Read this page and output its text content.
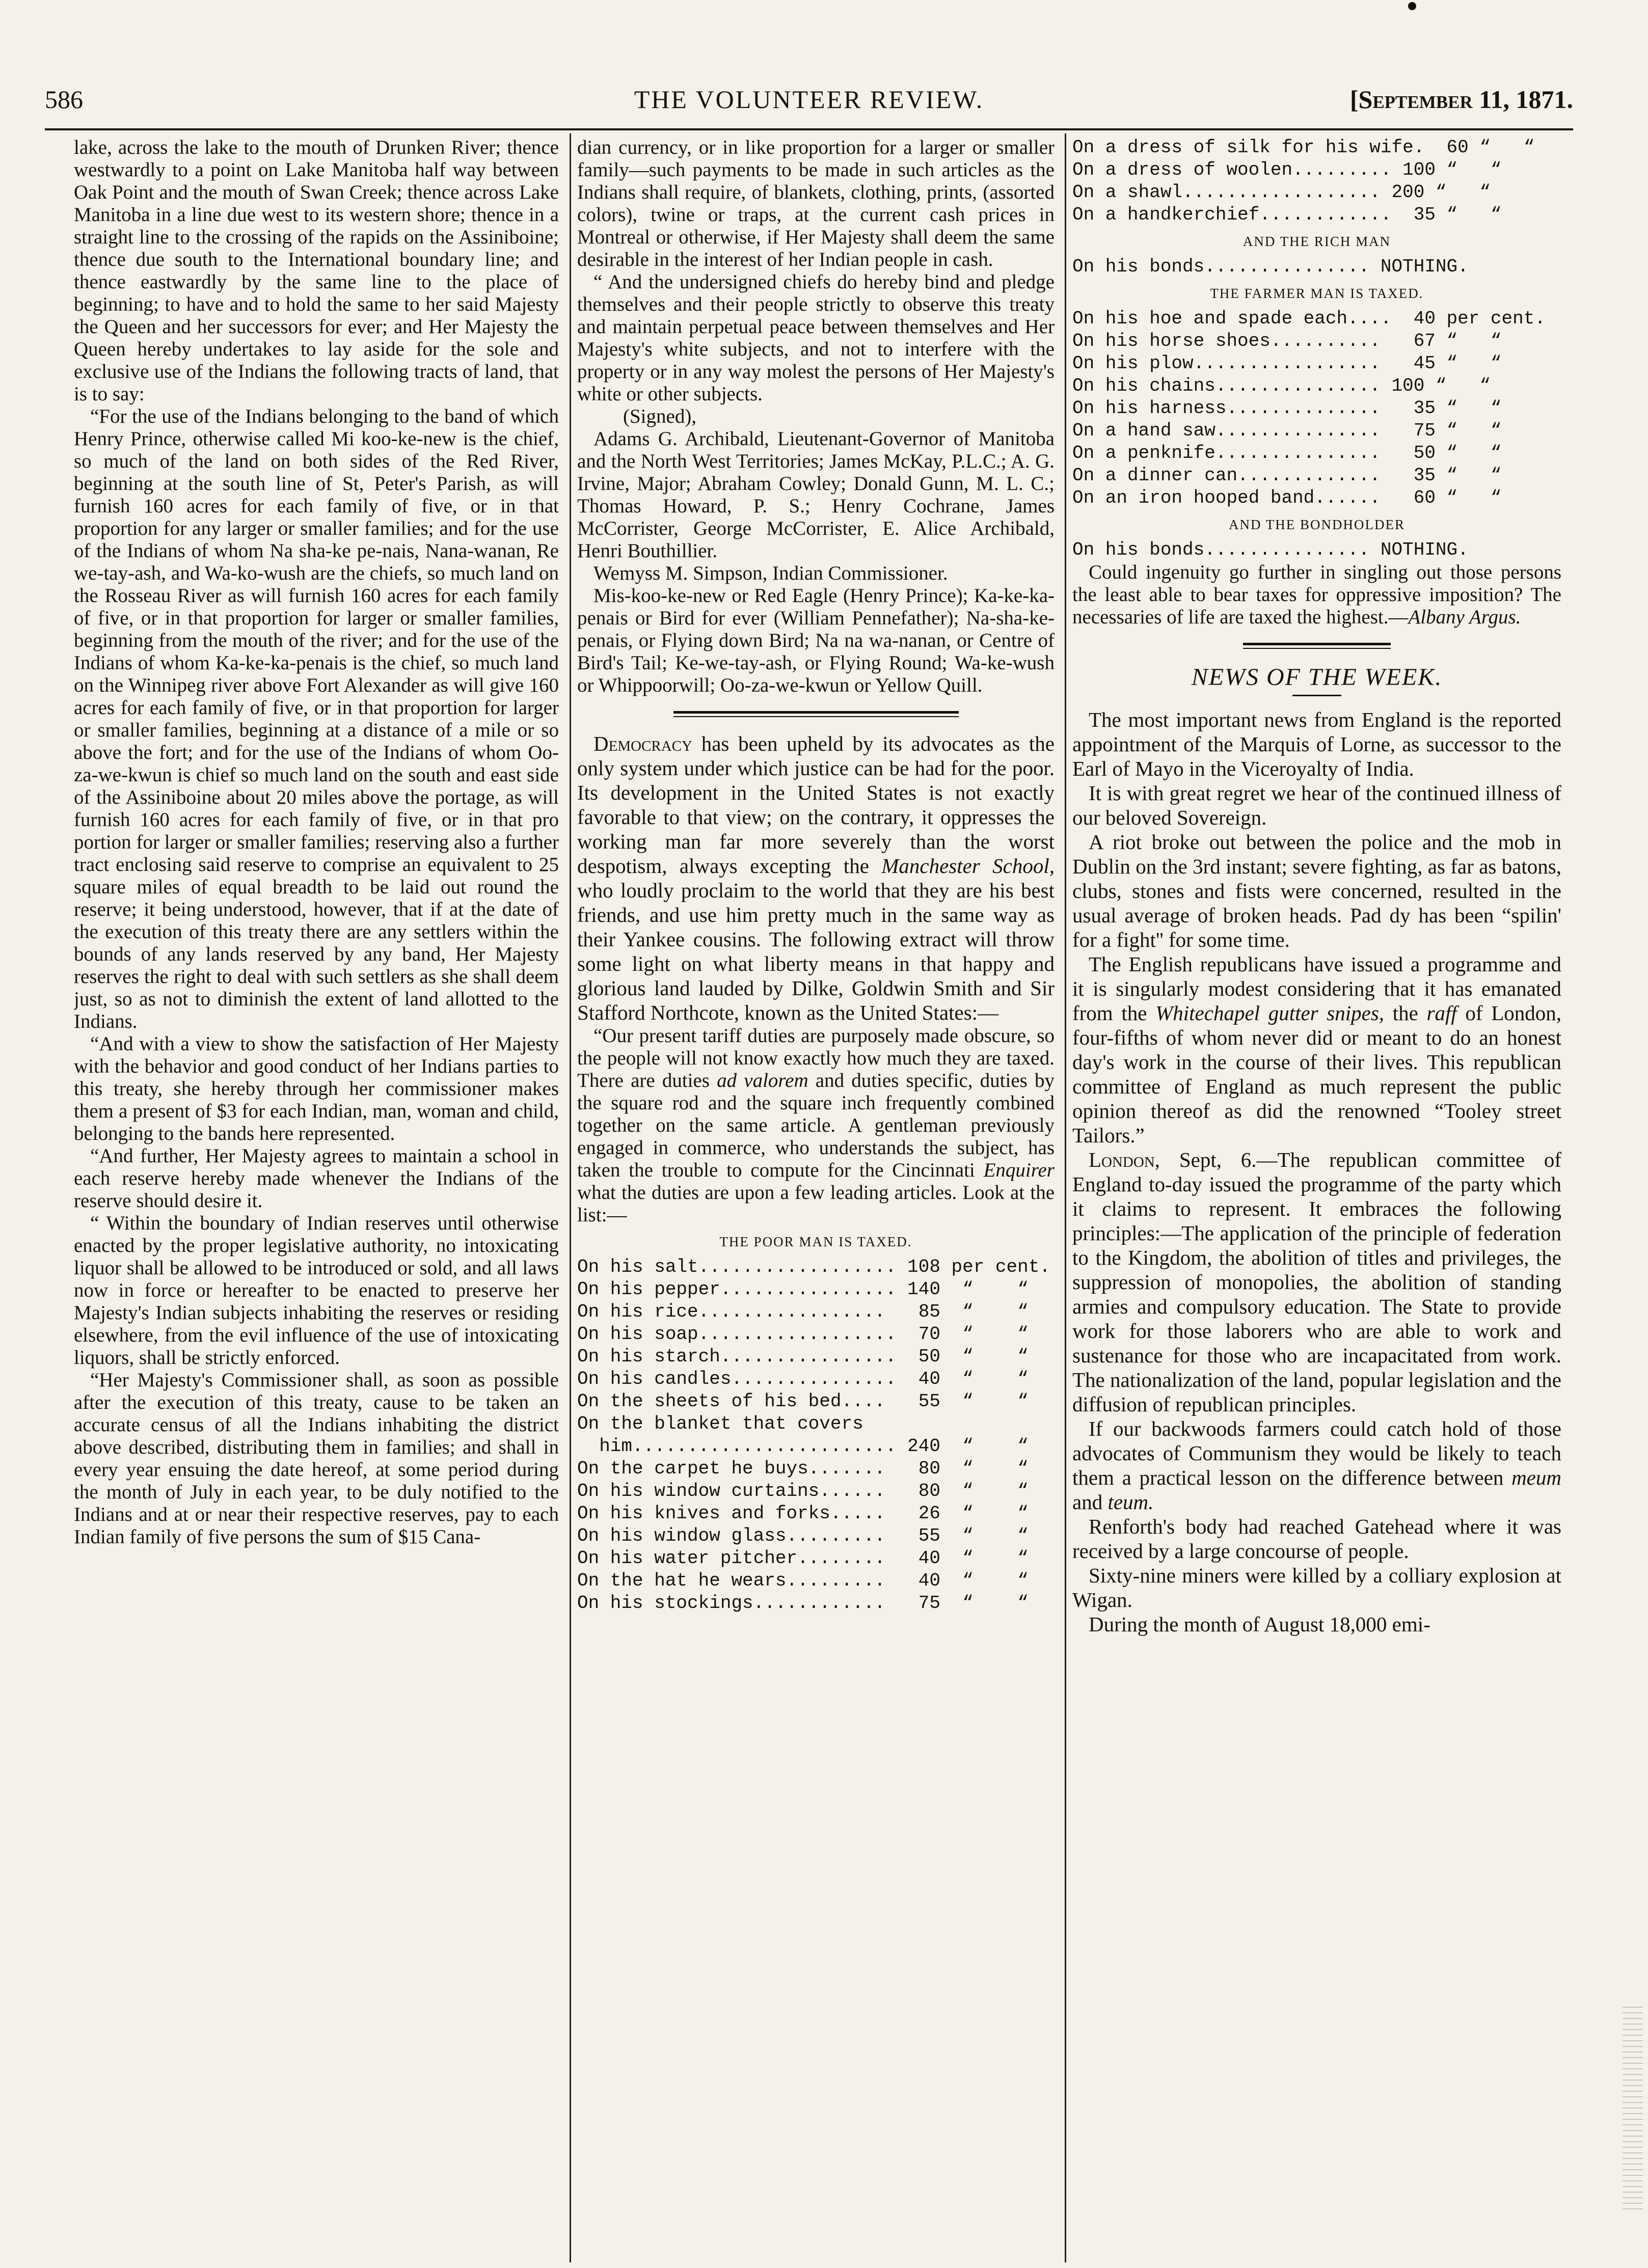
586	THE VOLUNTEER REVIEW.	[September 11, 1871.

lake, across the lake to the mouth of Drunken River; thence westwardly to a point on Lake Manitoba half way between Oak Point and the mouth of Swan Creek; thence across Lake Manitoba in a line due west to its western shore; thence in a straight line to the crossing of the rapids on the Assiniboine; thence due south to the International boundary line; and thence eastwardly by the same line to the place of beginning; to have and to hold the same to her said Majesty the Queen and her successors for ever; and Her Majesty the Queen hereby undertakes to lay aside for the sole and exclusive use of the Indians the following tracts of land, that is to say:

“For the use of the Indians belonging to the band of which Henry Prince, otherwise called Mi koo-ke-new is the chief, so much of the land on both sides of the Red River, beginning at the south line of St, Peter's Parish, as will furnish 160 acres for each family of five, or in that proportion for any larger or smaller families; and for the use of the Indians of whom Na sha-ke pe-nais, Nana-wanan, Re we-tay-ash, and Wa-ko-wush are the chiefs, so much land on the Rosseau River as will furnish 160 acres for each family of five, or in that proportion for larger or smaller families, beginning from the mouth of the river; and for the use of the Indians of whom Ka-ke-ka-penais is the chief, so much land on the Winnipeg river above Fort Alexander as will give 160 acres for each family of five, or in that proportion for larger or smaller families, beginning at a distance of a mile or so above the fort; and for the use of the Indians of whom Oo-za-we-kwun is chief so much land on the south and east side of the Assiniboine about 20 miles above the portage, as will furnish 160 acres for each family of five, or in that pro portion for larger or smaller families; reserving also a further tract enclosing said reserve to comprise an equivalent to 25 square miles of equal breadth to be laid out round the reserve; it being understood, however, that if at the date of the execution of this treaty there are any settlers within the bounds of any lands reserved by any band, Her Majesty reserves the right to deal with such settlers as she shall deem just, so as not to diminish the extent of land allotted to the Indians.

“And with a view to show the satisfaction of Her Majesty with the behavior and good conduct of her Indians parties to this treaty, she hereby through her commissioner makes them a present of $3 for each Indian, man, woman and child, belonging to the bands here represented.

“And further, Her Majesty agrees to maintain a school in each reserve hereby made whenever the Indians of the reserve should desire it.

“ Within the boundary of Indian reserves until otherwise enacted by the proper legislative authority, no intoxicating liquor shall be allowed to be introduced or sold, and all laws now in force or hereafter to be enacted to preserve her Majesty's Indian subjects inhabiting the reserves or residing elsewhere, from the evil influence of the use of intoxicating liquors, shall be strictly enforced.

“Her Majesty's Commissioner shall, as soon as possible after the execution of this treaty, cause to be taken an accurate census of all the Indians inhabiting the district above described, distributing them in families; and shall in every year ensuing the date hereof, at some period during the month of July in each year, to be duly notified to the Indians and at or near their respective reserves, pay to each Indian family of five persons the sum of $15 Cana-

dian currency, or in like proportion for a larger or smaller family—such payments to be made in such articles as the Indians shall require, of blankets, clothing, prints, (assorted colors), twine or traps, at the current cash prices in Montreal or otherwise, if Her Majesty shall deem the same desirable in the interest of her Indian people in cash.

“ And the undersigned chiefs do hereby bind and pledge themselves and their people strictly to observe this treaty and maintain perpetual peace between themselves and Her Majesty's white subjects, and not to interfere with the property or in any way molest the persons of Her Majesty's white or other subjects.

(Signed),

Adams G. Archibald, Lieutenant-Governor of Manitoba and the North West Territories; James McKay, P.L.C.; A. G. Irvine, Major; Abraham Cowley; Donald Gunn, M. L. C.; Thomas Howard, P. S.; Henry Cochrane, James McCorrister, George McCorrister, E. Alice Archibald, Henri Bouthillier.

Wemyss M. Simpson, Indian Commissioner.

Mis-koo-ke-new or Red Eagle (Henry Prince); Ka-ke-ka-penais or Bird for ever (William Pennefather); Na-sha-ke-penais, or Flying down Bird; Na na wa-nanan, or Centre of Bird's Tail; Ke-we-tay-ash, or Flying Round; Wa-ke-wush or Whippoorwill; Oo-za-we-kwun or Yellow Quill.

Democracy has been upheld by its advocates as the only system under which justice can be had for the poor. Its development in the United States is not exactly favorable to that view; on the contrary, it oppresses the working man far more severely than the worst despotism, always excepting the Manchester School, who loudly proclaim to the world that they are his best friends, and use him pretty much in the same way as their Yankee cousins. The following extract will throw some light on what liberty means in that happy and glorious land lauded by Dilke, Goldwin Smith and Sir Stafford Northcote, known as the United States:—

“Our present tariff duties are purposely made obscure, so the people will not know exactly how much they are taxed. There are duties ad valorem and duties specific, duties by the square rod and the square inch frequently combined together on the same article. A gentleman previously engaged in commerce, who understands the subject, has taken the trouble to compute for the Cincinnati Enquirer what the duties are upon a few leading articles. Look at the list:—

THE POOR MAN IS TAXED.
On his salt.................. 108 per cent.
On his pepper................ 140  “    “
On his rice.................   85  “    “
On his soap..................  70  “    “
On his starch................  50  “    “
On his candles...............  40  “    “
On the sheets of his bed....   55  “    “
On the blanket that covers
him........................ 240  “    “
On the carpet he buys.......   80  “    “
On his window curtains......   80  “    “
On his knives and forks.....   26  “    “
On his window glass.........   55  “    “
On his water pitcher........   40  “    “
On the hat he wears.........   40  “    “
On his stockings............   75  “    “
On a dress of silk for his wife.  60 “   “
On a dress of woolen......... 100 “   “
On a shawl.................. 200 “   “
On a handkerchief............  35 “   “
AND THE RICH MAN
On his bonds............... NOTHING.
THE FARMER MAN IS TAXED.
On his hoe and spade each....  40 per cent.
On his horse shoes..........   67 “   “
On his plow.................   45 “   “
On his chains............... 100 “   “
On his harness..............   35 “   “
On a hand saw...............   75 “   “
On a penknife...............   50 “   “
On a dinner can.............   35 “   “
On an iron hooped band......   60 “   “
AND THE BONDHOLDER
On his bonds............... NOTHING.

Could ingenuity go further in singling out those persons the least able to bear taxes for oppressive imposition? The necessaries of life are taxed the highest.—Albany Argus.

NEWS OF THE WEEK.

The most important news from England is the reported appointment of the Marquis of Lorne, as successor to the Earl of Mayo in the Viceroyalty of India.

It is with great regret we hear of the continued illness of our beloved Sovereign.

A riot broke out between the police and the mob in Dublin on the 3rd instant; severe fighting, as far as batons, clubs, stones and fists were concerned, resulted in the usual average of broken heads. Pad dy has been “spilin' for a fight'' for some time.

The English republicans have issued a programme and it is singularly modest considering that it has emanated from the Whitechapel gutter snipes, the raff of London, four-fifths of whom never did or meant to do an honest day's work in the course of their lives. This republican committee of England as much represent the public opinion thereof as did the renowned “Tooley street Tailors.”

London, Sept, 6.—The republican committee of England to-day issued the programme of the party which it claims to represent. It embraces the following principles:—The application of the principle of federation to the Kingdom, the abolition of titles and privileges, the suppression of monopolies, the abolition of standing armies and compulsory education. The State to provide work for those laborers who are able to work and sustenance for those who are incapacitated from work. The nationalization of the land, popular legislation and the diffusion of republican principles.

If our backwoods farmers could catch hold of those advocates of Communism they would be likely to teach them a practical lesson on the difference between meum and teum.

Renforth's body had reached Gatehead where it was received by a large concourse of people.

Sixty-nine miners were killed by a colliary explosion at Wigan.

During the month of August 18,000 emi-
